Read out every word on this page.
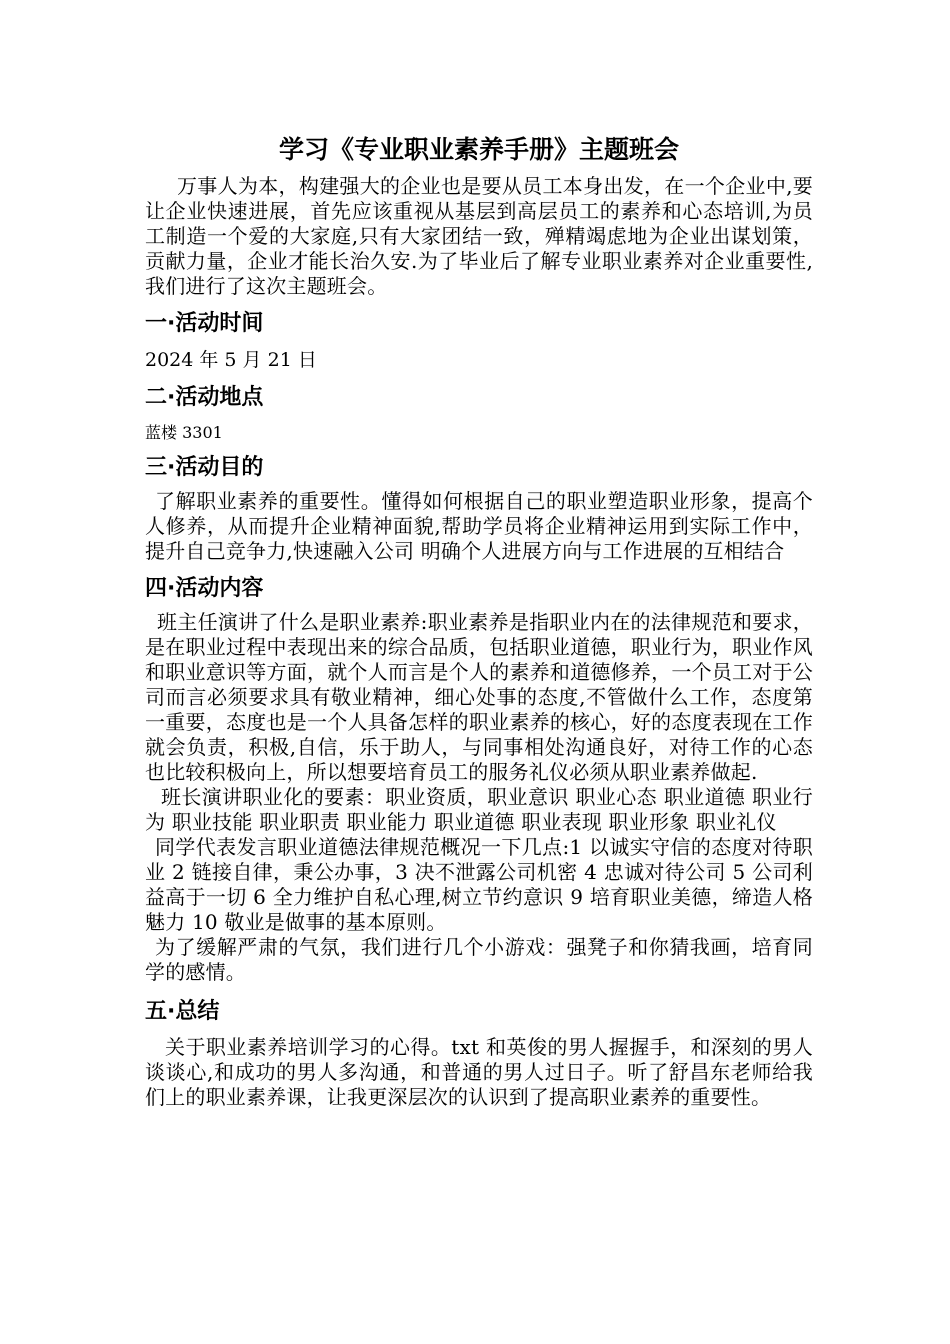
学习《专业职业素养手册》主题班会

万事人为本，构建强大的企业也是要从员工本身出发，在一个企业中,要让企业快速进展，首先应该重视从基层到高层员工的素养和心态培训,为员工制造一个爱的大家庭,只有大家团结一致，殚精竭虑地为企业出谋划策，贡献力量，企业才能长治久安.为了毕业后了解专业职业素养对企业重要性,我们进行了这次主题班会。

一·活动时间

2024 年 5 月 21 日

二·活动地点

蓝楼 3301

三·活动目的

了解职业素养的重要性。懂得如何根据自己的职业塑造职业形象，提高个人修养，从而提升企业精神面貌,帮助学员将企业精神运用到实际工作中，提升自己竞争力,快速融入公司 明确个人进展方向与工作进展的互相结合

四·活动内容

班主任演讲了什么是职业素养:职业素养是指职业内在的法律规范和要求，是在职业过程中表现出来的综合品质，包括职业道德，职业行为，职业作风和职业意识等方面，就个人而言是个人的素养和道德修养，一个员工对于公司而言必须要求具有敬业精神，细心处事的态度,不管做什么工作，态度第一重要，态度也是一个人具备怎样的职业素养的核心，好的态度表现在工作就会负责，积极,自信，乐于助人，与同事相处沟通良好，对待工作的心态也比较积极向上，所以想要培育员工的服务礼仪必须从职业素养做起.

班长演讲职业化的要素：职业资质，职业意识 职业心态 职业道德 职业行为 职业技能 职业职责 职业能力 职业道德 职业表现 职业形象 职业礼仪

同学代表发言职业道德法律规范概况一下几点:1 以诚实守信的态度对待职业 2 链接自律，秉公办事，3 决不泄露公司机密 4 忠诚对待公司 5 公司利益高于一切 6 全力维护自私心理,树立节约意识 9 培育职业美德，缔造人格魅力 10 敬业是做事的基本原则。

为了缓解严肃的气氛，我们进行几个小游戏：强凳子和你猜我画，培育同学的感情。

五·总结

关于职业素养培训学习的心得。txt 和英俊的男人握握手，和深刻的男人谈谈心,和成功的男人多沟通，和普通的男人过日子。听了舒昌东老师给我们上的职业素养课，让我更深层次的认识到了提高职业素养的重要性。
